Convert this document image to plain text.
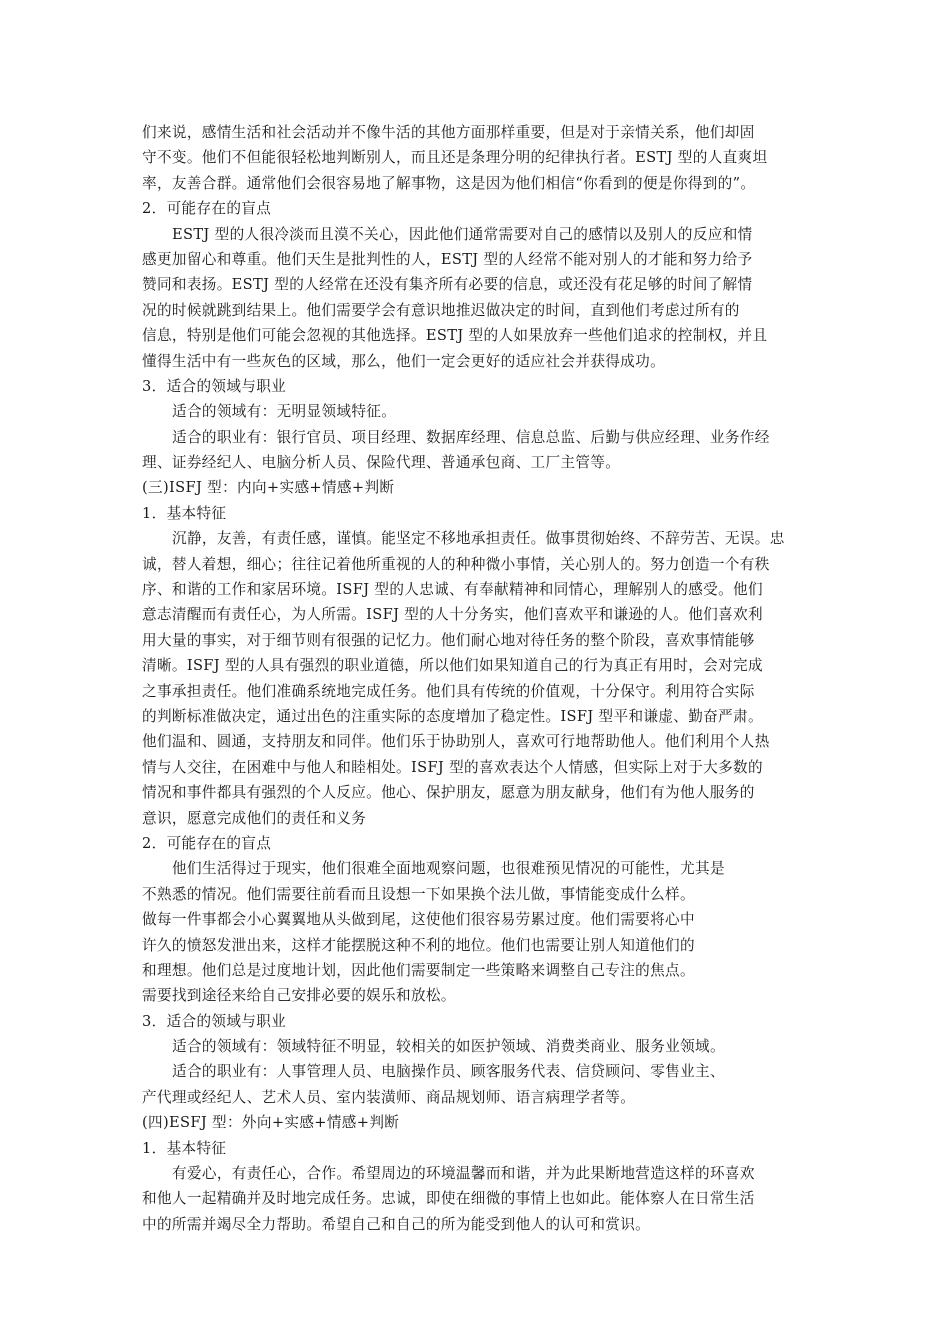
们来说，感情生活和社会活动并不像牛活的其他方面那样重要，但是对于亲情关系，他们却固
守不变。他们不但能很轻松地判断别人，而且还是条理分明的纪律执行者。ESTJ 型的人直爽坦
率，友善合群。通常他们会很容易地了解事物，这是因为他们相信“你看到的便是你得到的”。
2．可能存在的盲点
ESTJ 型的人很冷淡而且漠不关心，因此他们通常需要对自己的感情以及别人的反应和情
感更加留心和尊重。他们天生是批判性的人，ESTJ 型的人经常不能对别人的才能和努力给予
赞同和表扬。ESTJ 型的人经常在还没有集齐所有必要的信息，或还没有花足够的时间了解情
况的时候就跳到结果上。他们需要学会有意识地推迟做决定的时间，直到他们考虑过所有的
信息，特别是他们可能会忽视的其他选择。ESTJ 型的人如果放弃一些他们追求的控制权，并且
懂得生活中有一些灰色的区域，那么，他们一定会更好的适应社会并获得成功。
3．适合的领域与职业
适合的领域有：无明显领域特征。
适合的职业有：银行官员、项目经理、数据库经理、信息总监、后勤与供应经理、业务作经
理、证券经纪人、电脑分析人员、保险代理、普通承包商、工厂主管等。
(三)ISFJ 型：内向+实感+情感+判断
1．基本特征
沉静，友善，有责任感，谨慎。能坚定不移地承担责任。做事贯彻始终、不辞劳苦、无误。忠
诚，替人着想，细心；往往记着他所重视的人的种种微小事情，关心别人的。努力创造一个有秩
序、和谐的工作和家居环境。ISFJ 型的人忠诚、有奉献精神和同情心，理解别人的感受。他们
意志清醒而有责任心，为人所需。ISFJ 型的人十分务实，他们喜欢平和谦逊的人。他们喜欢利
用大量的事实，对于细节则有很强的记忆力。他们耐心地对待任务的整个阶段，喜欢事情能够
清晰。ISFJ 型的人具有强烈的职业道德，所以他们如果知道自己的行为真正有用时，会对完成
之事承担责任。他们准确系统地完成任务。他们具有传统的价值观，十分保守。利用符合实际
的判断标准做决定，通过出色的注重实际的态度增加了稳定性。ISFJ 型平和谦虚、勤奋严肃。
他们温和、圆通，支持朋友和同伴。他们乐于协助别人，喜欢可行地帮助他人。他们利用个人热
情与人交往，在困难中与他人和睦相处。ISFJ 型的喜欢表达个人情感，但实际上对于大多数的
情况和事件都具有强烈的个人反应。他心、保护朋友，愿意为朋友献身，他们有为他人服务的
意识，愿意完成他们的责任和义务
2．可能存在的盲点
他们生活得过于现实，他们很难全面地观察问题，也很难预见情况的可能性，尤其是
不熟悉的情况。他们需要往前看而且设想一下如果换个法儿做，事情能变成什么样。
做每一件事都会小心翼翼地从头做到尾，这使他们很容易劳累过度。他们需要将心中
许久的愤怒发泄出来，这样才能摆脱这种不利的地位。他们也需要让别人知道他们的
和理想。他们总是过度地计划，因此他们需要制定一些策略来调整自己专注的焦点。
需要找到途径来给自己安排必要的娱乐和放松。
3．适合的领域与职业
适合的领域有：领域特征不明显，较相关的如医护领域、消费类商业、服务业领域。
适合的职业有：人事管理人员、电脑操作员、顾客服务代表、信贷顾问、零售业主、
产代理或经纪人、艺术人员、室内装潢师、商品规划师、语言病理学者等。
(四)ESFJ 型：外向+实感+情感+判断
1．基本特征
有爱心，有责任心，合作。希望周边的环境温馨而和谐，并为此果断地营造这样的环喜欢
和他人一起精确并及时地完成任务。忠诚，即使在细微的事情上也如此。能体察人在日常生活
中的所需并竭尽全力帮助。希望自己和自己的所为能受到他人的认可和赏识。
